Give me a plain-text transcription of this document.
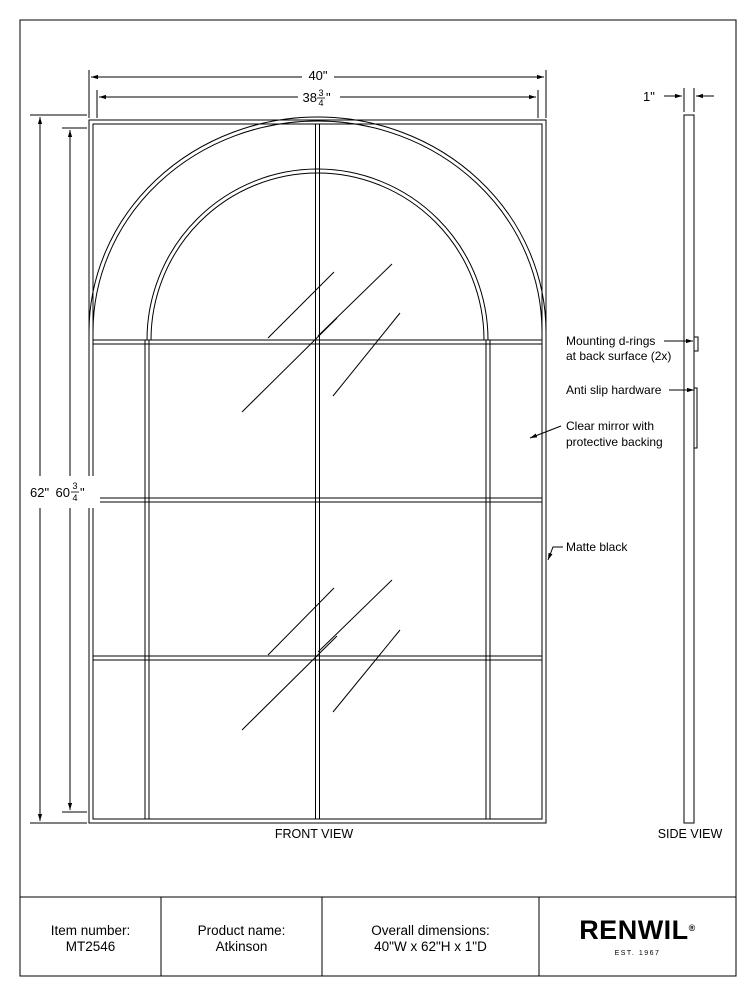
40"
38 3
4 "
62" 60 3
4 "
FRONT VIEW
1"
SIDE VIEW
Mounting d-rings
at back surface (2x)
Anti slip hardware
Clear mirror with
protective backing
Matte black
Item number:
MT2546
Product name:
Atkinson
Overall dimensions:
40"W x 62"H x 1"D
RENWIL®
EST. 1967
